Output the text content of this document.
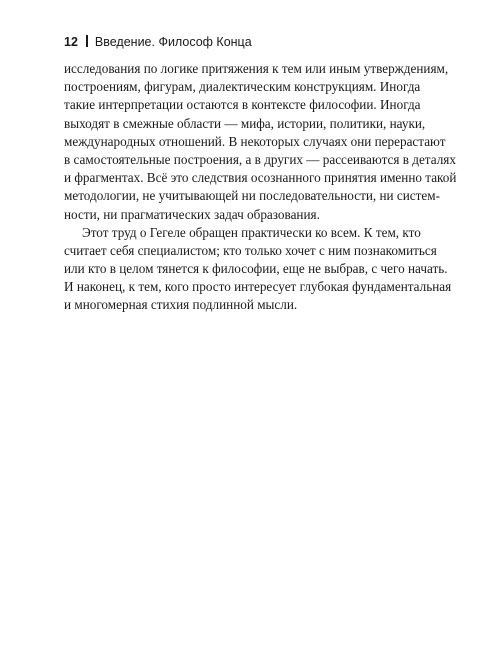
12 Введение. Философ Конца
исследования по логике притяжения к тем или иным утверждениям,
построениям, фигурам, диалектическим конструкциям. Иногда
такие интерпретации остаются в контексте философии. Иногда
выходят в смежные области — мифа, истории, политики, науки,
международных отношений. В некоторых случаях они перерастают
в самостоятельные построения, а в других — рассеиваются в деталях
и фрагментах. Всё это следствия осознанного принятия именно такой
методологии, не учитывающей ни последовательности, ни систем-
ности, ни прагматических задач образования.
Этот труд о Гегеле обращен практически ко всем. К тем, кто
считает себя специалистом; кто только хочет с ним познакомиться
или кто в целом тянется к философии, еще не выбрав, с чего начать.
И наконец, к тем, кого просто интересует глубокая фундаментальная
и многомерная стихия подлинной мысли.
